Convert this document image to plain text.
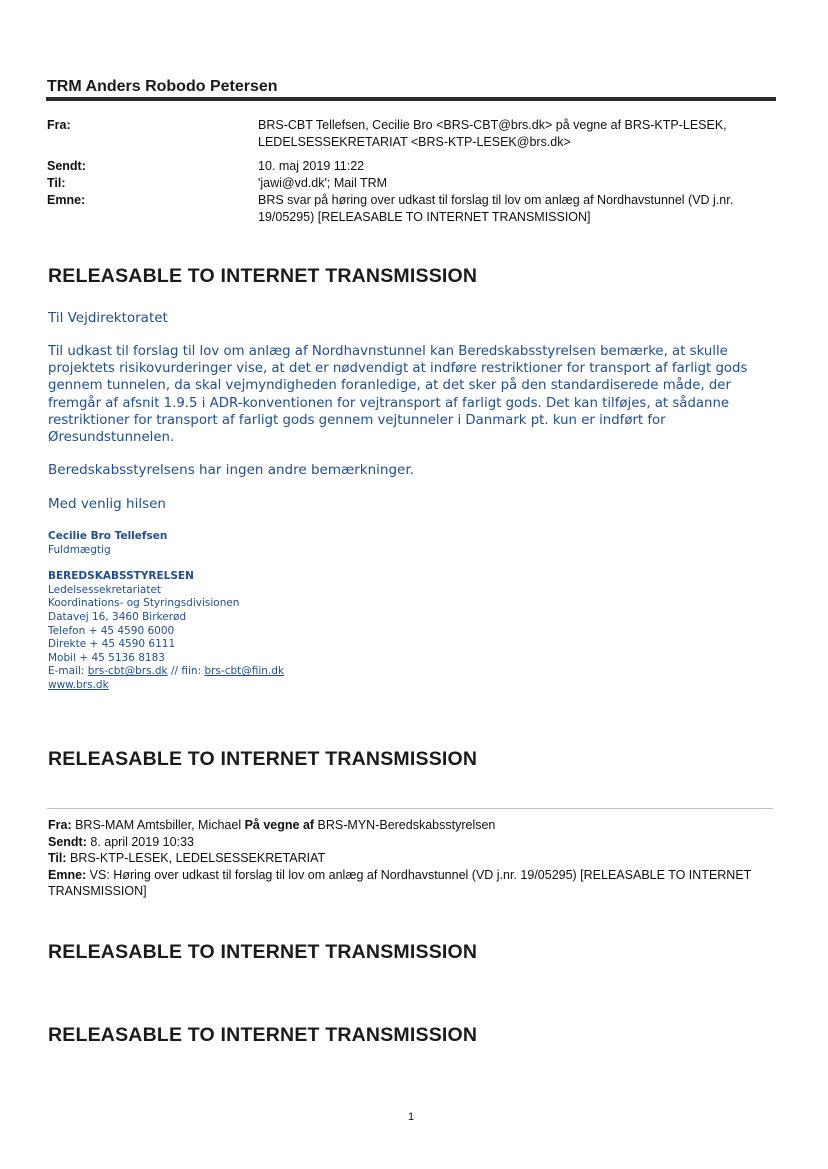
TRM Anders Robodo Petersen
Fra:	BRS-CBT Tellefsen, Cecilie Bro <BRS-CBT@brs.dk> på vegne af BRS-KTP-LESEK, LEDELSESSEKRETARIAT <BRS-KTP-LESEK@brs.dk>
Sendt:	10. maj 2019 11:22
Til:	'jawi@vd.dk'; Mail TRM
Emne:	BRS svar på høring over udkast til forslag til lov om anlæg af Nordhavstunnel (VD j.nr. 19/05295) [RELEASABLE TO INTERNET TRANSMISSION]
RELEASABLE TO INTERNET TRANSMISSION
Til Vejdirektoratet
Til udkast til forslag til lov om anlæg af Nordhavnstunnel kan Beredskabsstyrelsen bemærke, at skulle projektets risikovurderinger vise, at det er nødvendigt at indføre restriktioner for transport af farligt gods gennem tunnelen, da skal vejmyndigheden foranledige, at det sker på den standardiserede måde, der fremgår af afsnit 1.9.5 i ADR-konventionen for vejtransport af farligt gods. Det kan tilføjes, at sådanne restriktioner for transport af farligt gods gennem vejtunneler i Danmark pt. kun er indført for Øresundstunnelen.
Beredskabsstyrelsens har ingen andre bemærkninger.
Med venlig hilsen
Cecilie Bro Tellefsen
Fuldmægtig
BEREDSKABSSTYRELSEN
Ledelsessekretariatet
Koordinations- og Styringsdivisionen
Datavej 16, 3460 Birkerød
Telefon + 45 4590 6000
Direkte + 45 4590 6111
Mobil + 45 5136 8183
E-mail: brs-cbt@brs.dk // fiin: brs-cbt@fiin.dk
www.brs.dk
RELEASABLE TO INTERNET TRANSMISSION
Fra: BRS-MAM Amtsbiller, Michael På vegne af BRS-MYN-Beredskabsstyrelsen
Sendt: 8. april 2019 10:33
Til: BRS-KTP-LESEK, LEDELSESSEKRETARIAT
Emne: VS: Høring over udkast til forslag til lov om anlæg af Nordhavstunnel (VD j.nr. 19/05295) [RELEASABLE TO INTERNET TRANSMISSION]
RELEASABLE TO INTERNET TRANSMISSION
RELEASABLE TO INTERNET TRANSMISSION
1
